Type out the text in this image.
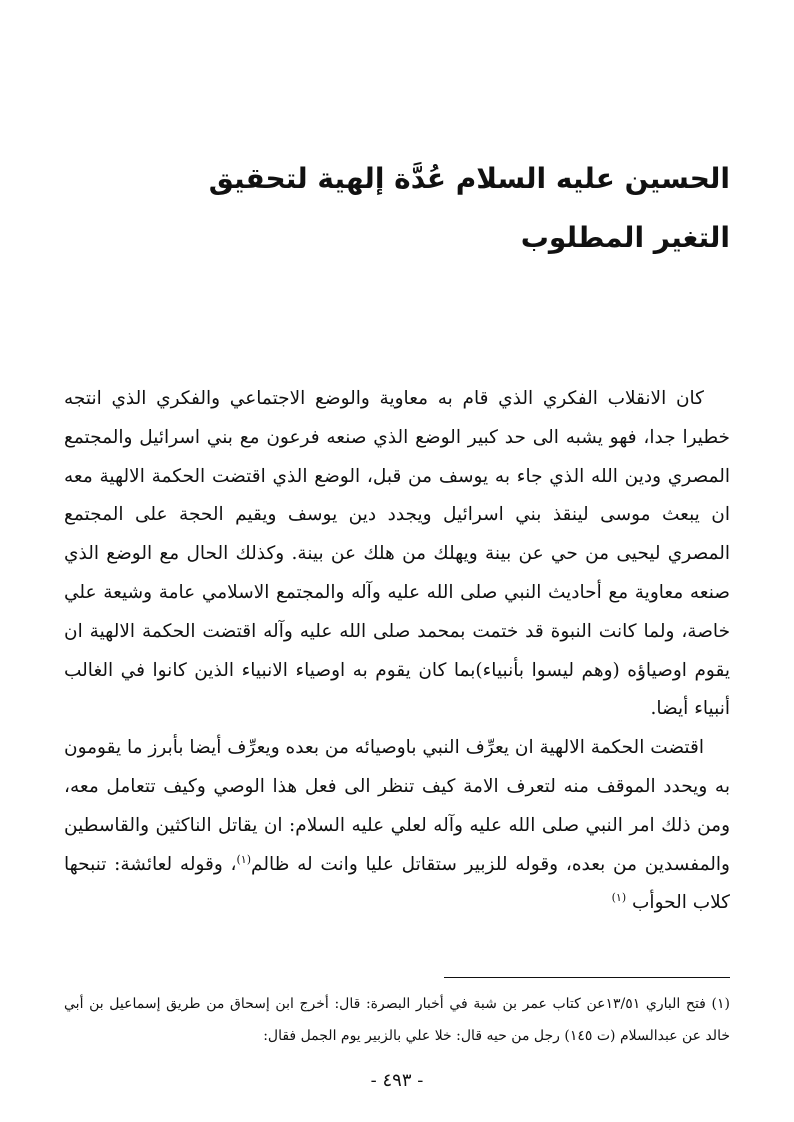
الحسين عليه السلام عُدَّة إلهية لتحقيق
التغير المطلوب

كان الانقلاب الفكري الذي قام به معاوية والوضع الاجتماعي والفكري الذي انتجه خطيرا جدا، فهو يشبه الى حد كبير الوضع الذي صنعه فرعون مع بني اسرائيل والمجتمع المصري ودين الله الذي جاء به يوسف من قبل، الوضع الذي اقتضت الحكمة الالهية معه ان يبعث موسى لينقذ بني اسرائيل ويجدد دين يوسف ويقيم الحجة على المجتمع المصري ليحيى من حي عن بينة ويهلك من هلك عن بينة. وكذلك الحال مع الوضع الذي صنعه معاوية مع أحاديث النبي صلى الله عليه وآله والمجتمع الاسلامي عامة وشيعة علي خاصة، ولما كانت النبوة قد ختمت بمحمد صلى الله عليه وآله اقتضت الحكمة الالهية ان يقوم اوصياؤه (وهم ليسوا بأنبياء)بما كان يقوم به اوصياء الانبياء الذين كانوا في الغالب أنبياء أيضا.

اقتضت الحكمة الالهية ان يعرِّف النبي باوصيائه من بعده ويعرِّف أيضا بأبرز ما يقومون به ويحدد الموقف منه لتعرف الامة كيف تنظر الى فعل هذا الوصي وكيف تتعامل معه، ومن ذلك امر النبي صلى الله عليه وآله لعلي عليه السلام: ان يقاتل الناكثين والقاسطين والمفسدين من بعده، وقوله للزبير ستقاتل عليا وانت له ظالم$^{(١)}$، وقوله لعائشة: تنبحها كلاب الحوأب $^{(١)}$

(١) فتح الباري ١٣/٥١عن كتاب عمر بن شبة في أخبار البصرة: قال: أخرج ابن إسحاق من طريق إسماعيل بن أبي خالد عن عبدالسلام (ت ١٤٥) رجل من حيه قال: خلا علي بالزبير يوم الجمل فقال:

- ٤٩٣ -
